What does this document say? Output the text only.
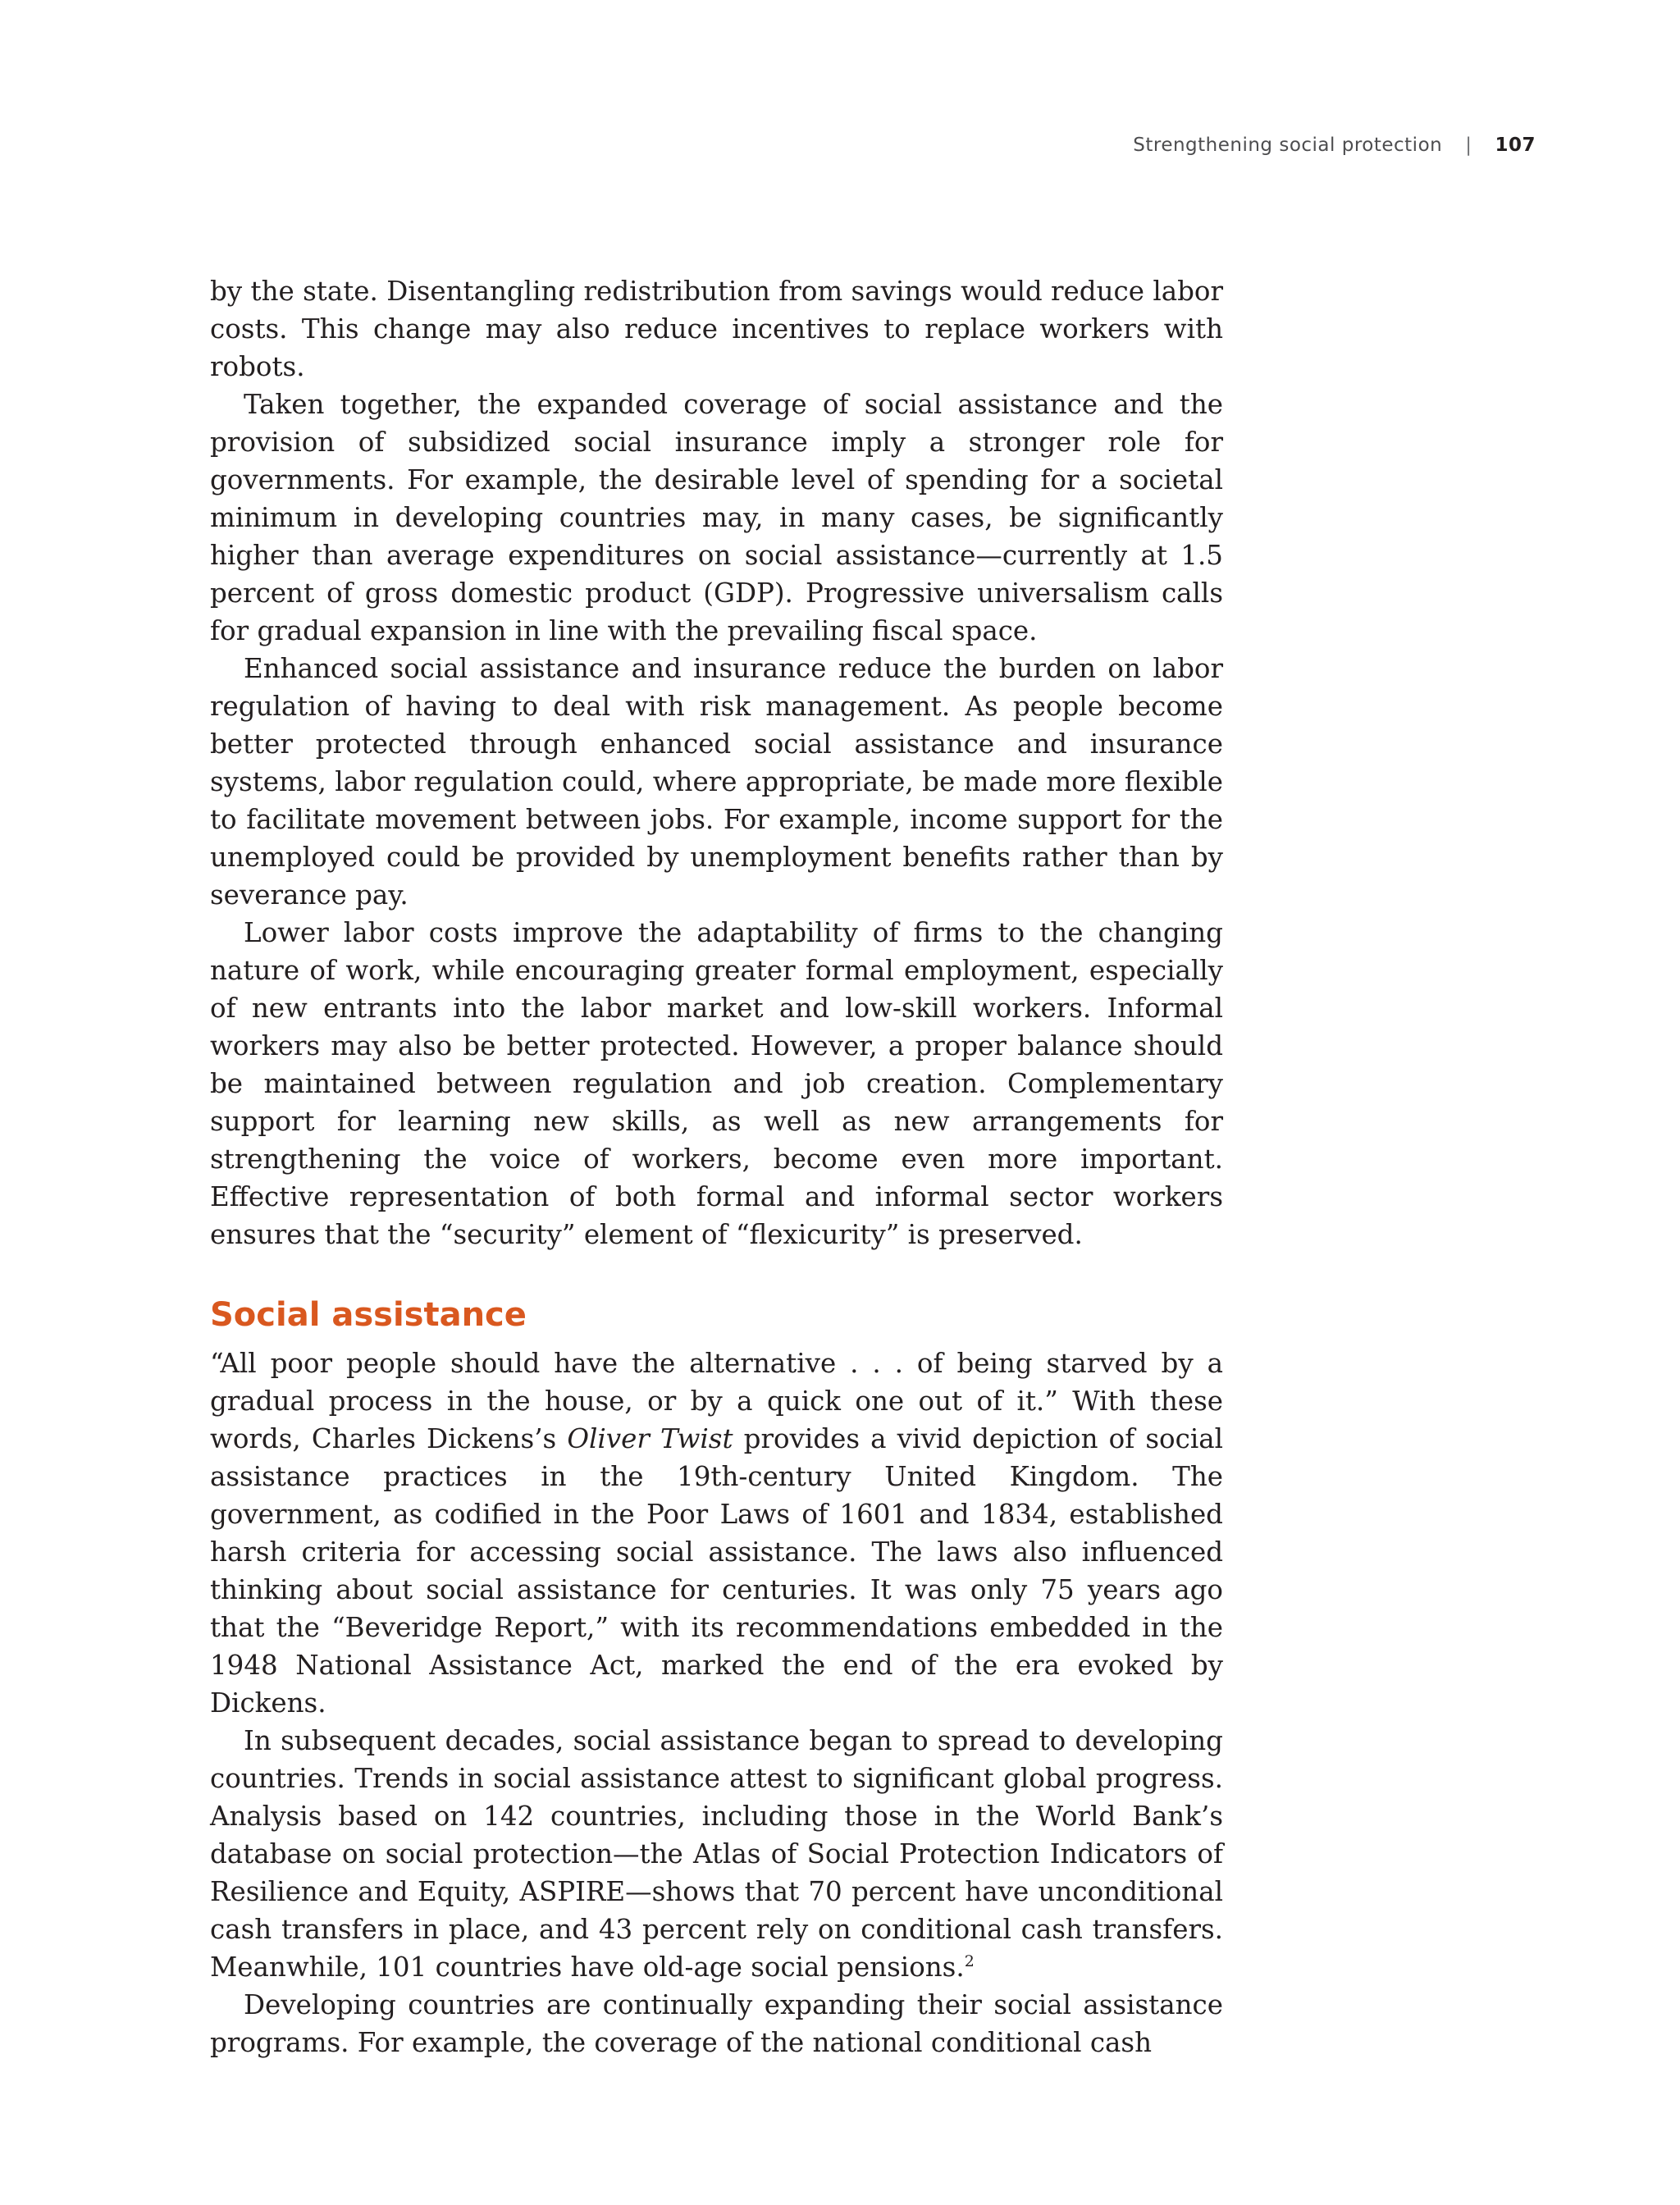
Strengthening social protection | 107

by the state. Disentangling redistribution from savings would reduce labor costs. This change may also reduce incentives to replace workers with robots.

Taken together, the expanded coverage of social assistance and the provision of subsidized social insurance imply a stronger role for governments. For example, the desirable level of spending for a societal minimum in developing countries may, in many cases, be significantly higher than average expenditures on social assistance—currently at 1.5 percent of gross domestic product (GDP). Progressive universalism calls for gradual expansion in line with the prevailing fiscal space.

Enhanced social assistance and insurance reduce the burden on labor regulation of having to deal with risk management. As people become better protected through enhanced social assistance and insurance systems, labor regulation could, where appropriate, be made more flexible to facilitate movement between jobs. For example, income support for the unemployed could be provided by unemployment benefits rather than by severance pay.

Lower labor costs improve the adaptability of firms to the changing nature of work, while encouraging greater formal employment, especially of new entrants into the labor market and low-skill workers. Informal workers may also be better protected. However, a proper balance should be maintained between regulation and job creation. Complementary support for learning new skills, as well as new arrangements for strengthening the voice of workers, become even more important. Effective representation of both formal and informal sector workers ensures that the “security” element of “flexicurity” is preserved.

Social assistance

“All poor people should have the alternative . . . of being starved by a gradual process in the house, or by a quick one out of it.” With these words, Charles Dickens’s Oliver Twist provides a vivid depiction of social assistance practices in the 19th-century United Kingdom. The government, as codified in the Poor Laws of 1601 and 1834, established harsh criteria for accessing social assistance. The laws also influenced thinking about social assistance for centuries. It was only 75 years ago that the “Beveridge Report,” with its recommendations embedded in the 1948 National Assistance Act, marked the end of the era evoked by Dickens.

In subsequent decades, social assistance began to spread to developing countries. Trends in social assistance attest to significant global progress. Analysis based on 142 countries, including those in the World Bank’s database on social protection—the Atlas of Social Protection Indicators of Resilience and Equity, ASPIRE—shows that 70 percent have unconditional cash transfers in place, and 43 percent rely on conditional cash transfers. Meanwhile, 101 countries have old-age social pensions.$^2$

Developing countries are continually expanding their social assistance programs. For example, the coverage of the national conditional cash
